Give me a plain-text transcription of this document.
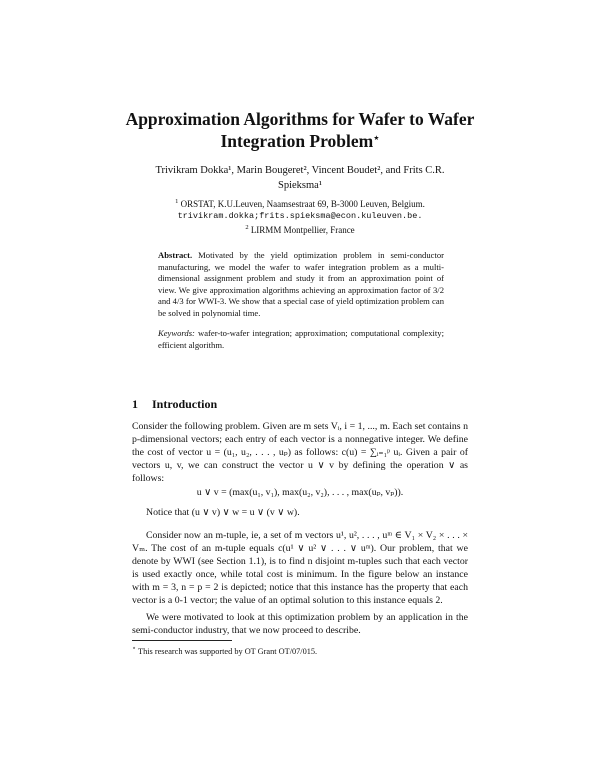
Approximation Algorithms for Wafer to Wafer
Integration Problem⋆
Trivikram Dokka¹, Marin Bougeret², Vincent Boudet², and Frits C.R.
Spieksma¹
$^1$ ORSTAT, K.U.Leuven, Naamsestraat 69, B-3000 Leuven, Belgium.
trivikram.dokka;frits.spieksma@econ.kuleuven.be.
$^2$ LIRMM Montpellier, France
Abstract. Motivated by the yield optimization problem in semi-conductor manufacturing, we model the wafer to wafer integration problem as a multi-dimensional assignment problem and study it from an approximation point of view. We give approximation algorithms achieving an approximation factor of 3/2 and 4/3 for WWI-3. We show that a special case of yield optimization problem can be solved in polynomial time.
Keywords: wafer-to-wafer integration; approximation; computational complexity; efficient algorithm.
1 Introduction
Consider the following problem. Given are m sets Vᵢ, i = 1, ..., m. Each set contains n p-dimensional vectors; each entry of each vector is a nonnegative integer. We define the cost of vector u = (u₁, u₂, . . . , uₚ) as follows: c(u) = ∑ᵢ₌₁ᵖ uᵢ. Given a pair of vectors u, v, we can construct the vector u ∨ v by defining the operation ∨ as follows:
u ∨ v = (max(u₁, v₁), max(u₂, v₂), . . . , max(uₚ, vₚ)).
Notice that (u ∨ v) ∨ w = u ∨ (v ∨ w).
Consider now an m-tuple, ie, a set of m vectors u¹, u², . . . , uᵐ ∈ V₁ × V₂ × . . . × Vₘ. The cost of an m-tuple equals c(u¹ ∨ u² ∨ . . . ∨ uᵐ). Our problem, that we denote by WWI (see Section 1.1), is to find n disjoint m-tuples such that each vector is used exactly once, while total cost is minimum. In the figure below an instance with m = 3, n = p = 2 is depicted; notice that this instance has the property that each vector is a 0-1 vector; the value of an optimal solution to this instance equals 2.
We were motivated to look at this optimization problem by an application in the semi-conductor industry, that we now proceed to describe.
⋆ This research was supported by OT Grant OT/07/015.
